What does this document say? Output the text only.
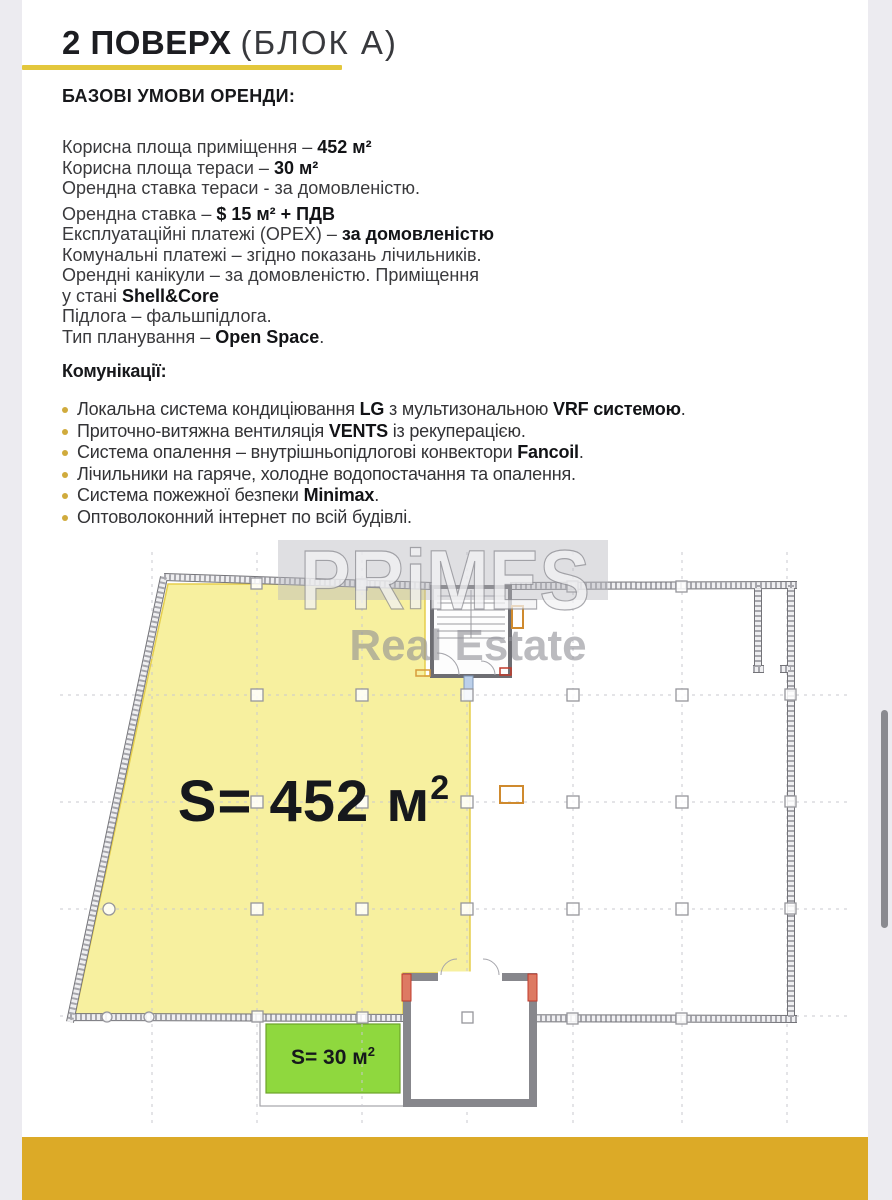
2 ПОВЕРХ (БЛОК А)
БАЗОВІ УМОВИ ОРЕНДИ:
Корисна площа приміщення – 452 м²
Корисна площа тераси – 30 м²
Орендна ставка тераси - за домовленістю.
Орендна ставка – $ 15 м² + ПДВ
Експлуатаційні платежі (OPEX) – за домовленістю
Комунальні платежі – згідно показань лічильників.
Орендні канікули – за домовленістю. Приміщення
у стані Shell&Core
Підлога – фальшпідлога.
Тип планування – Open Space.
Комунікації:
Локальна система кондиціювання LG з мультизональною VRF системою.
Приточно-витяжна вентиляція VENTS із рекуперацією.
Система опалення – внутрішньопідлогові конвектори Fancoil.
Лічильники на гаряче, холодне водопостачання та опалення.
Система пожежної безпеки Minimax.
Оптоволоконний інтернет по всій будівлі.
PRiMES
Real Estate
S= 452 $м^2$
S= 30 $м^2$
